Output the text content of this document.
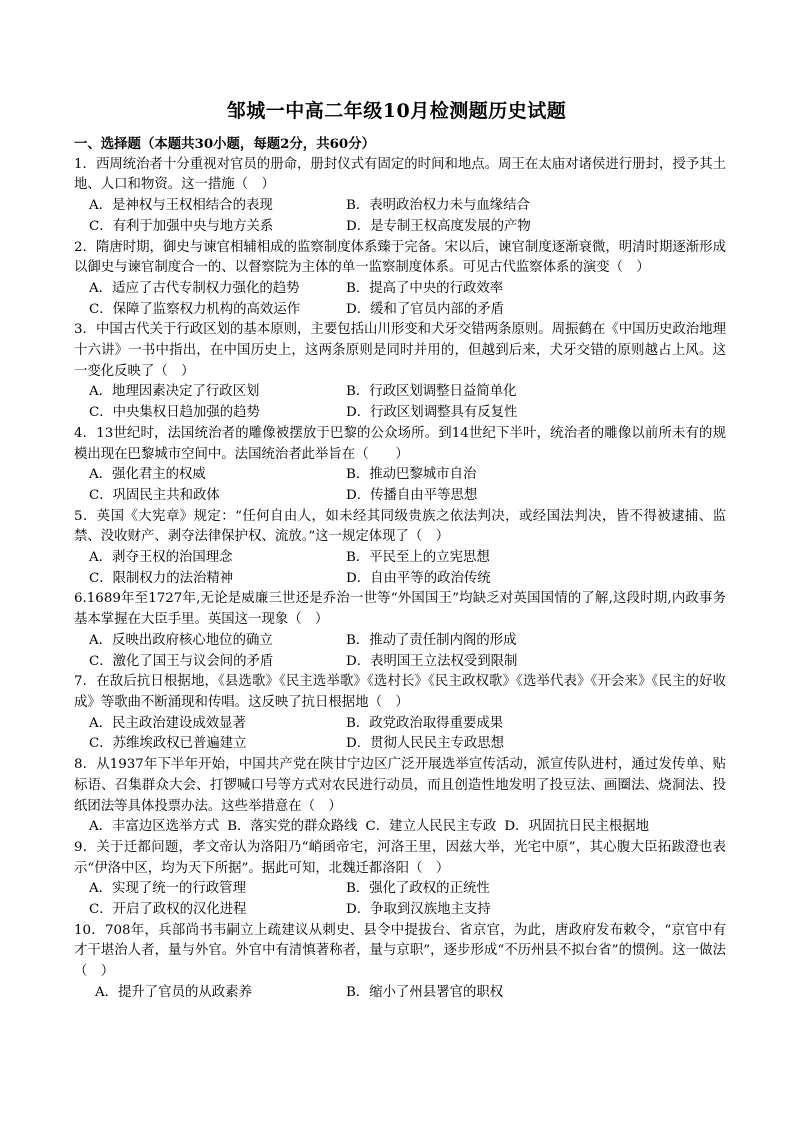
邹城一中高二年级10月检测题历史试题
一、选择题（本题共30小题，每题2分，共60分）
1．西周统治者十分重视对官员的册命，册封仪式有固定的时间和地点。周王在太庙对诸侯进行册封，授予其土地、人口和物资。这一措施（　）
A．是神权与王权相结合的表现	B．表明政治权力未与血缘结合
C．有利于加强中央与地方关系	D．是专制王权高度发展的产物
2．隋唐时期，御史与谏官相辅相成的监察制度体系臻于完备。宋以后，谏官制度逐渐衰微，明清时期逐渐形成以御史与谏官制度合一的、以督察院为主体的单一监察制度体系。可见古代监察体系的演变（　）
A．适应了古代专制权力强化的趋势	B．提高了中央的行政效率
C．保障了监察权力机构的高效运作	D．缓和了官员内部的矛盾
3．中国古代关于行政区划的基本原则，主要包括山川形变和犬牙交错两条原则。周振鹤在《中国历史政治地理十六讲》一书中指出，在中国历史上，这两条原则是同时并用的，但越到后来，犬牙交错的原则越占上风。这一变化反映了（　）
A．地理因素决定了行政区划	B．行政区划调整日益简单化
C．中央集权日趋加强的趋势	D．行政区划调整具有反复性
4．13世纪时，法国统治者的雕像被摆放于巴黎的公众场所。到14世纪下半叶，统治者的雕像以前所未有的规模出现在巴黎城市空间中。法国统治者此举旨在（　　）
A．强化君主的权威	B．推动巴黎城市自治
C．巩固民主共和政体	D．传播自由平等思想
5．英国《大宪章》规定：“任何自由人，如未经其同级贵族之依法判决，或经国法判决，皆不得被逮捕、监禁、没收财产、剥夺法律保护权、流放。”这一规定体现了（　）
A．剥夺王权的治国理念	B．平民至上的立宪思想
C．限制权力的法治精神	D．自由平等的政治传统
6.1689年至1727年,无论是威廉三世还是乔治一世等“外国国王”均缺乏对英国国情的了解,这段时期,内政事务基本掌握在大臣手里。英国这一现象（　）
A．反映出政府核心地位的确立	B．推动了责任制内阁的形成
C．激化了国王与议会间的矛盾	D．表明国王立法权受到限制
7．在敌后抗日根据地，《县选歌》《民主选举歌》《选村长》《民主政权歌》《选举代表》《开会来》《民主的好收成》等歌曲不断涌现和传唱。这反映了抗日根据地（　）
A．民主政治建设成效显著	B．政党政治取得重要成果
C．苏维埃政权已普遍建立	D．贯彻人民民主专政思想
8．从1937年下半年开始，中国共产党在陕甘宁边区广泛开展选举宣传活动，派宣传队进村，通过发传单、贴标语、召集群众大会、打锣喊口号等方式对农民进行动员，而且创造性地发明了投豆法、画圈法、烧洞法、投纸团法等具体投票办法。这些举措意在（　）
A．丰富边区选举方式 B．落实党的群众路线 C．建立人民民主专政 D．巩固抗日民主根据地
9．关于迁都问题，孝文帝认为洛阳乃“峭函帝宅，河洛王里，因兹大举，光宅中原”，其心腹大臣拓跋澄也表示“伊洛中区，均为天下所据”。据此可知，北魏迁都洛阳（　）
A．实现了统一的行政管理	B．强化了政权的正统性
C．开启了政权的汉化进程	D．争取到汉族地主支持
10．708年，兵部尚书韦嗣立上疏建议从刺史、县令中提拔台、省京官，为此，唐政府发布敕令，“京官中有才干堪治人者，量与外官。外官中有清慎著称者，量与京职”，逐步形成“不历州县不拟台省”的惯例。这一做法（　）
A．提升了官员的从政素养	B．缩小了州县署官的职权
